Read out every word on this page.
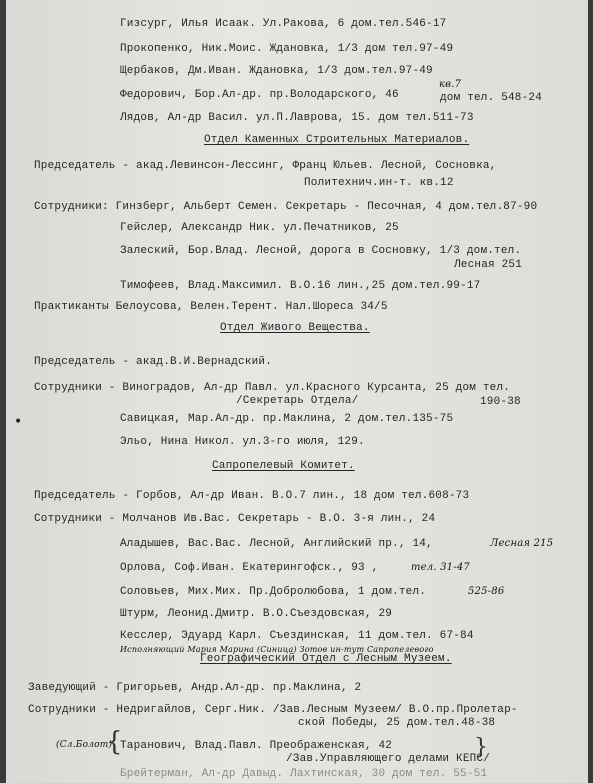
Гизсург, Илья Исаак. Ул.Ракова, 6 дом.тел.546-17
Прокопенко, Ник.Моис. Ждановка, 1/3 дом тел.97-49
Щербаков, Дм.Иван. Ждановка, 1/3 дом.тел.97-49
Федорович, Бор.Ал-др. пр.Володарского, 46
кв.7
дом тел. 548-24
Лядов, Ал-др Васил. ул.П.Лаврова, 15. дом тел.511-73
Отдел Каменных Строительных Материалов.
Председатель - акад.Левинсон-Лессинг, Франц Юльев. Лесной, Сосновка,
Политехнич.ин-т. кв.12
Сотрудники: Гинзберг, Альберт Семен. Секретарь - Песочная, 4 дом.тел.87-90
Гейслер, Александр Ник. ул.Печатников, 25
Залеский, Бор.Влад. Лесной, дорога в Сосновку, 1/3 дом.тел.
Лесная 251
Тимофеев, Влад.Максимил. В.О.16 лин.,25 дом.тел.99-17
Практиканты Белоусова, Велен.Терент. Нал.Шореса 34/5
Отдел Живого Вещества.
Председатель - акад.В.И.Вернадский.
Сотрудники - Виноградов, Ал-др Павл. ул.Красного Курсанта, 25 дом тел.
/Секретарь Отдела/	190-38
Савицкая, Мар.Ал-др. пр.Маклина, 2 дом.тел.135-75
Эльо, Нина Никол. ул.3-го июля, 129.
Сапропелевый Комитет.
Председатель - Горбов, Ал-др Иван. В.О.7 лин., 18 дом тел.608-73
Сотрудники - Молчанов Ив.Вас. Секретарь - В.О. 3-я лин., 24
Аладышев, Вас.Вас. Лесной, Английский пр., 14,	Лесная 215
Орлова, Соф.Иван. Екатерингофск., 93 ,	тел. 31-47
Соловьев, Мих.Мих. Пр.Добролюбова, 1 дом.тел.	525-86
Штурм, Леонид.Дмитр. В.О.Съездовская, 29
Кесслер, Эдуард Карл. Съездинская, 11 дом.тел. 67-84
Исполняющий Мария Марина (Синица) Зотов ин-тут Сапропелевого
Географический Отдел с Лесным Музеем.
Заведующий - Григорьев, Андр.Ал-др. пр.Маклина, 2
Сотрудники - Недригайлов, Серг.Ник. /Зав.Лесным Музеем/ В.О.пр.Пролетар-
ской Победы, 25 дом.тел.48-38
(Сл.Болот)
{
Таранович, Влад.Павл. Преображенская, 42
/Зав.Управляющего делами КЕПС/
}
Брейтерман, Ал-др Давыд. Лахтинская, 30 дом тел. 55-51
•
